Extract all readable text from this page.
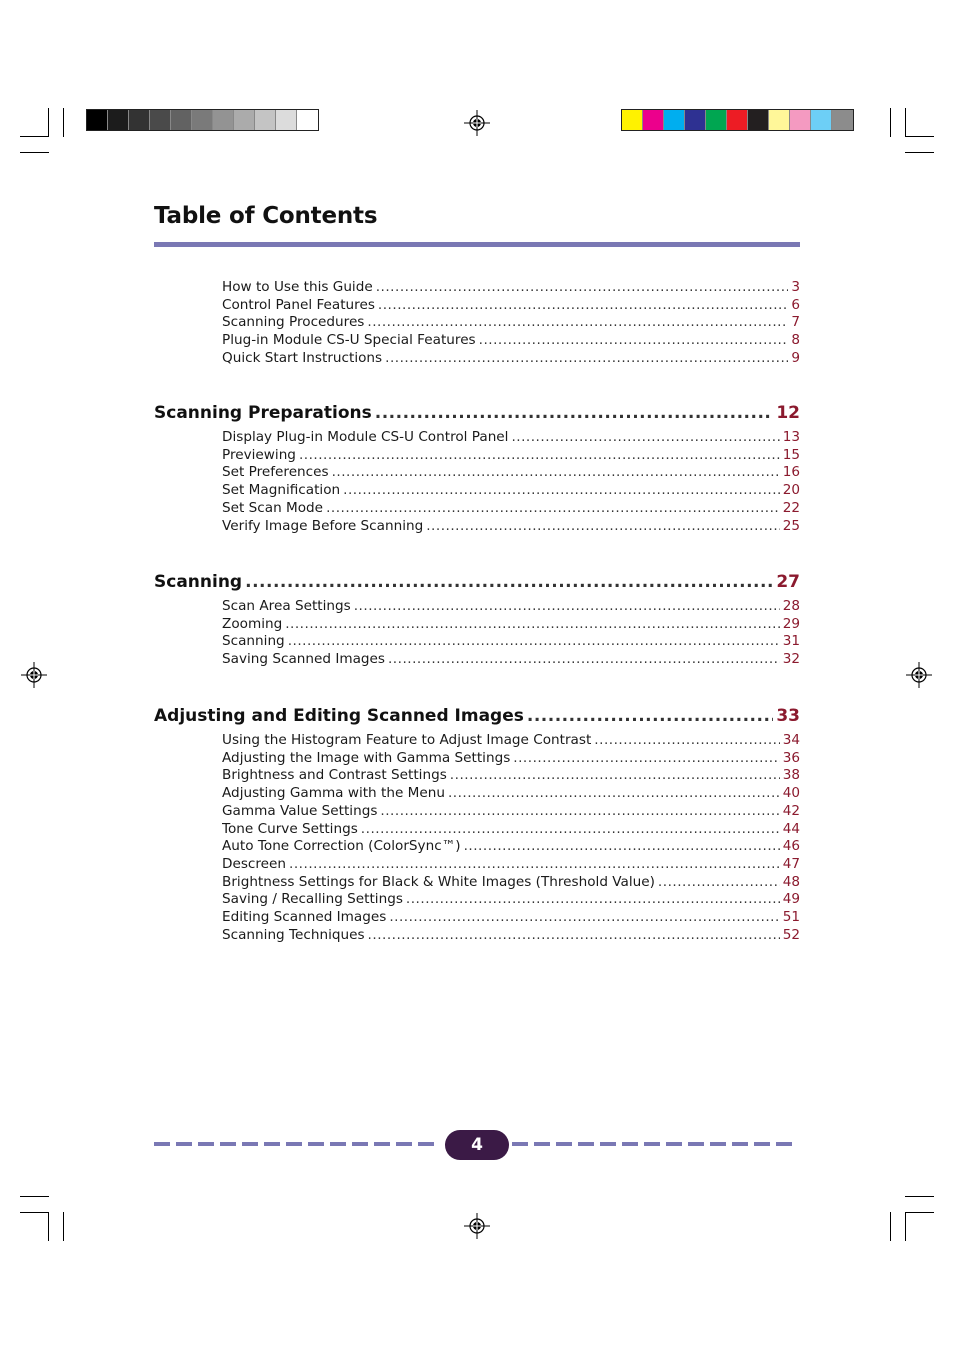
Table of Contents
How to Use this Guide .....	3
Control Panel Features .....	6
Scanning Procedures .....	7
Plug-in Module CS-U Special Features .....	8
Quick Start Instructions .....	9
Scanning Preparations .....	12
Display Plug-in Module CS-U Control Panel .....	13
Previewing .....	15
Set Preferences .....	16
Set Magnification .....	20
Set Scan Mode .....	22
Verify Image Before Scanning .....	25
Scanning .....	27
Scan Area Settings .....	28
Zooming .....	29
Scanning .....	31
Saving Scanned Images .....	32
Adjusting and Editing Scanned Images .....	33
Using the Histogram Feature to Adjust Image Contrast .....	34
Adjusting the Image with Gamma Settings .....	36
Brightness and Contrast Settings .....	38
Adjusting Gamma with the Menu .....	40
Gamma Value Settings .....	42
Tone Curve Settings .....	44
Auto Tone Correction (ColorSync™) .....	46
Descreen .....	47
Brightness Settings for Black & White Images (Threshold Value) .....	48
Saving / Recalling Settings .....	49
Editing Scanned Images .....	51
Scanning Techniques .....	52
4
